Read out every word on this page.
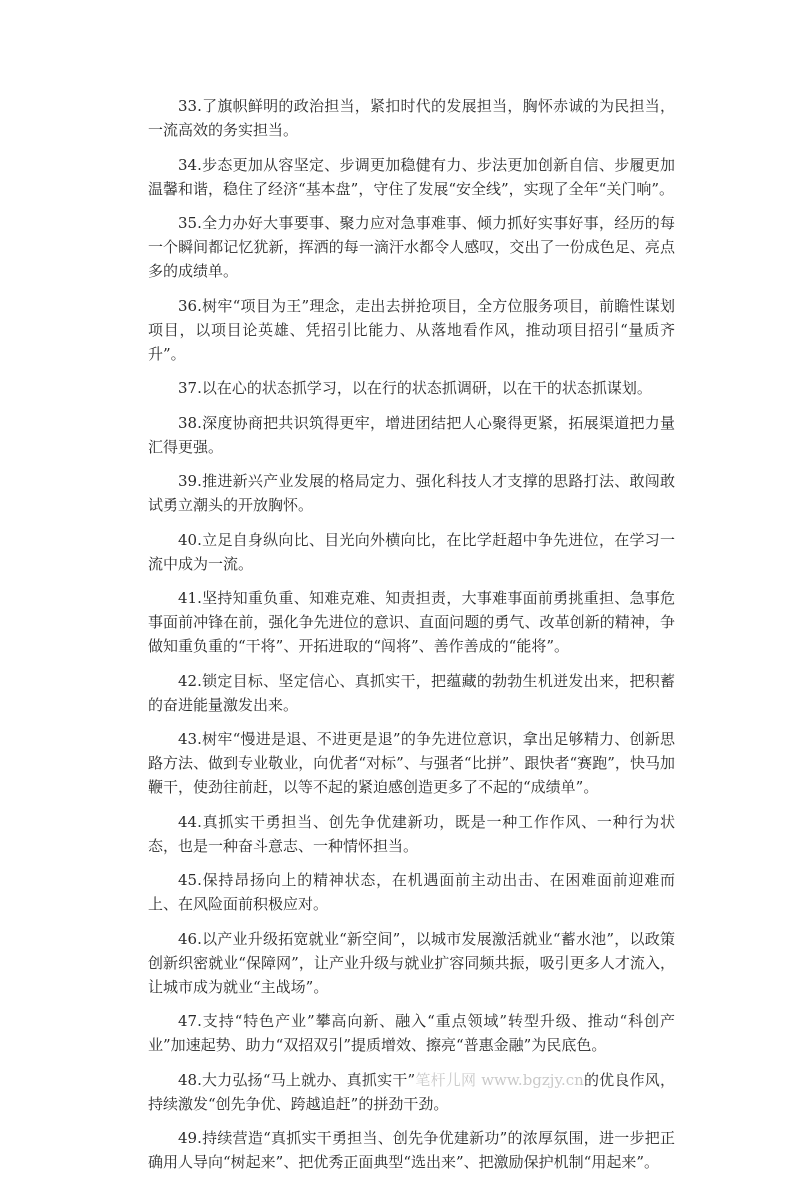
33.了旗帜鲜明的政治担当，紧扣时代的发展担当，胸怀赤诚的为民担当，一流高效的务实担当。

34.步态更加从容坚定、步调更加稳健有力、步法更加创新自信、步履更加温馨和谐，稳住了经济“基本盘”，守住了发展“安全线”，实现了全年“关门响”。

35.全力办好大事要事、聚力应对急事难事、倾力抓好实事好事，经历的每一个瞬间都记忆犹新，挥洒的每一滴汗水都令人感叹，交出了一份成色足、亮点多的成绩单。

36.树牢“项目为王”理念，走出去拼抢项目，全方位服务项目，前瞻性谋划项目，以项目论英雄、凭招引比能力、从落地看作风，推动项目招引“量质齐升”。

37.以在心的状态抓学习，以在行的状态抓调研，以在干的状态抓谋划。

38.深度协商把共识筑得更牢，增进团结把人心聚得更紧，拓展渠道把力量汇得更强。

39.推进新兴产业发展的格局定力、强化科技人才支撑的思路打法、敢闯敢试勇立潮头的开放胸怀。

40.立足自身纵向比、目光向外横向比，在比学赶超中争先进位，在学习一流中成为一流。

41.坚持知重负重、知难克难、知责担责，大事难事面前勇挑重担、急事危事面前冲锋在前，强化争先进位的意识、直面问题的勇气、改革创新的精神，争做知重负重的“干将”、开拓进取的“闯将”、善作善成的“能将”。

42.锁定目标、坚定信心、真抓实干，把蕴藏的勃勃生机迸发出来，把积蓄的奋进能量激发出来。

43.树牢“慢进是退、不进更是退”的争先进位意识，拿出足够精力、创新思路方法、做到专业敬业，向优者“对标”、与强者“比拼”、跟快者“赛跑”，快马加鞭干，使劲往前赶，以等不起的紧迫感创造更多了不起的“成绩单”。

44.真抓实干勇担当、创先争优建新功，既是一种工作作风、一种行为状态，也是一种奋斗意志、一种情怀担当。

45.保持昂扬向上的精神状态，在机遇面前主动出击、在困难面前迎难而上、在风险面前积极应对。

46.以产业升级拓宽就业“新空间”，以城市发展激活就业“蓄水池”，以政策创新织密就业“保障网”，让产业升级与就业扩容同频共振，吸引更多人才流入，让城市成为就业“主战场”。

47.支持“特色产业”攀高向新、融入“重点领域”转型升级、推动“科创产业”加速起势、助力“双招双引”提质增效、擦亮“普惠金融”为民底色。

48.大力弘扬“马上就办、真抓实干”笔杆儿网 www.bgzjy.cn的优良作风，持续激发“创先争优、跨越追赶”的拼劲干劲。

49.持续营造“真抓实干勇担当、创先争优建新功”的浓厚氛围，进一步把正确用人导向“树起来”、把优秀正面典型“选出来”、把激励保护机制“用起来”。
